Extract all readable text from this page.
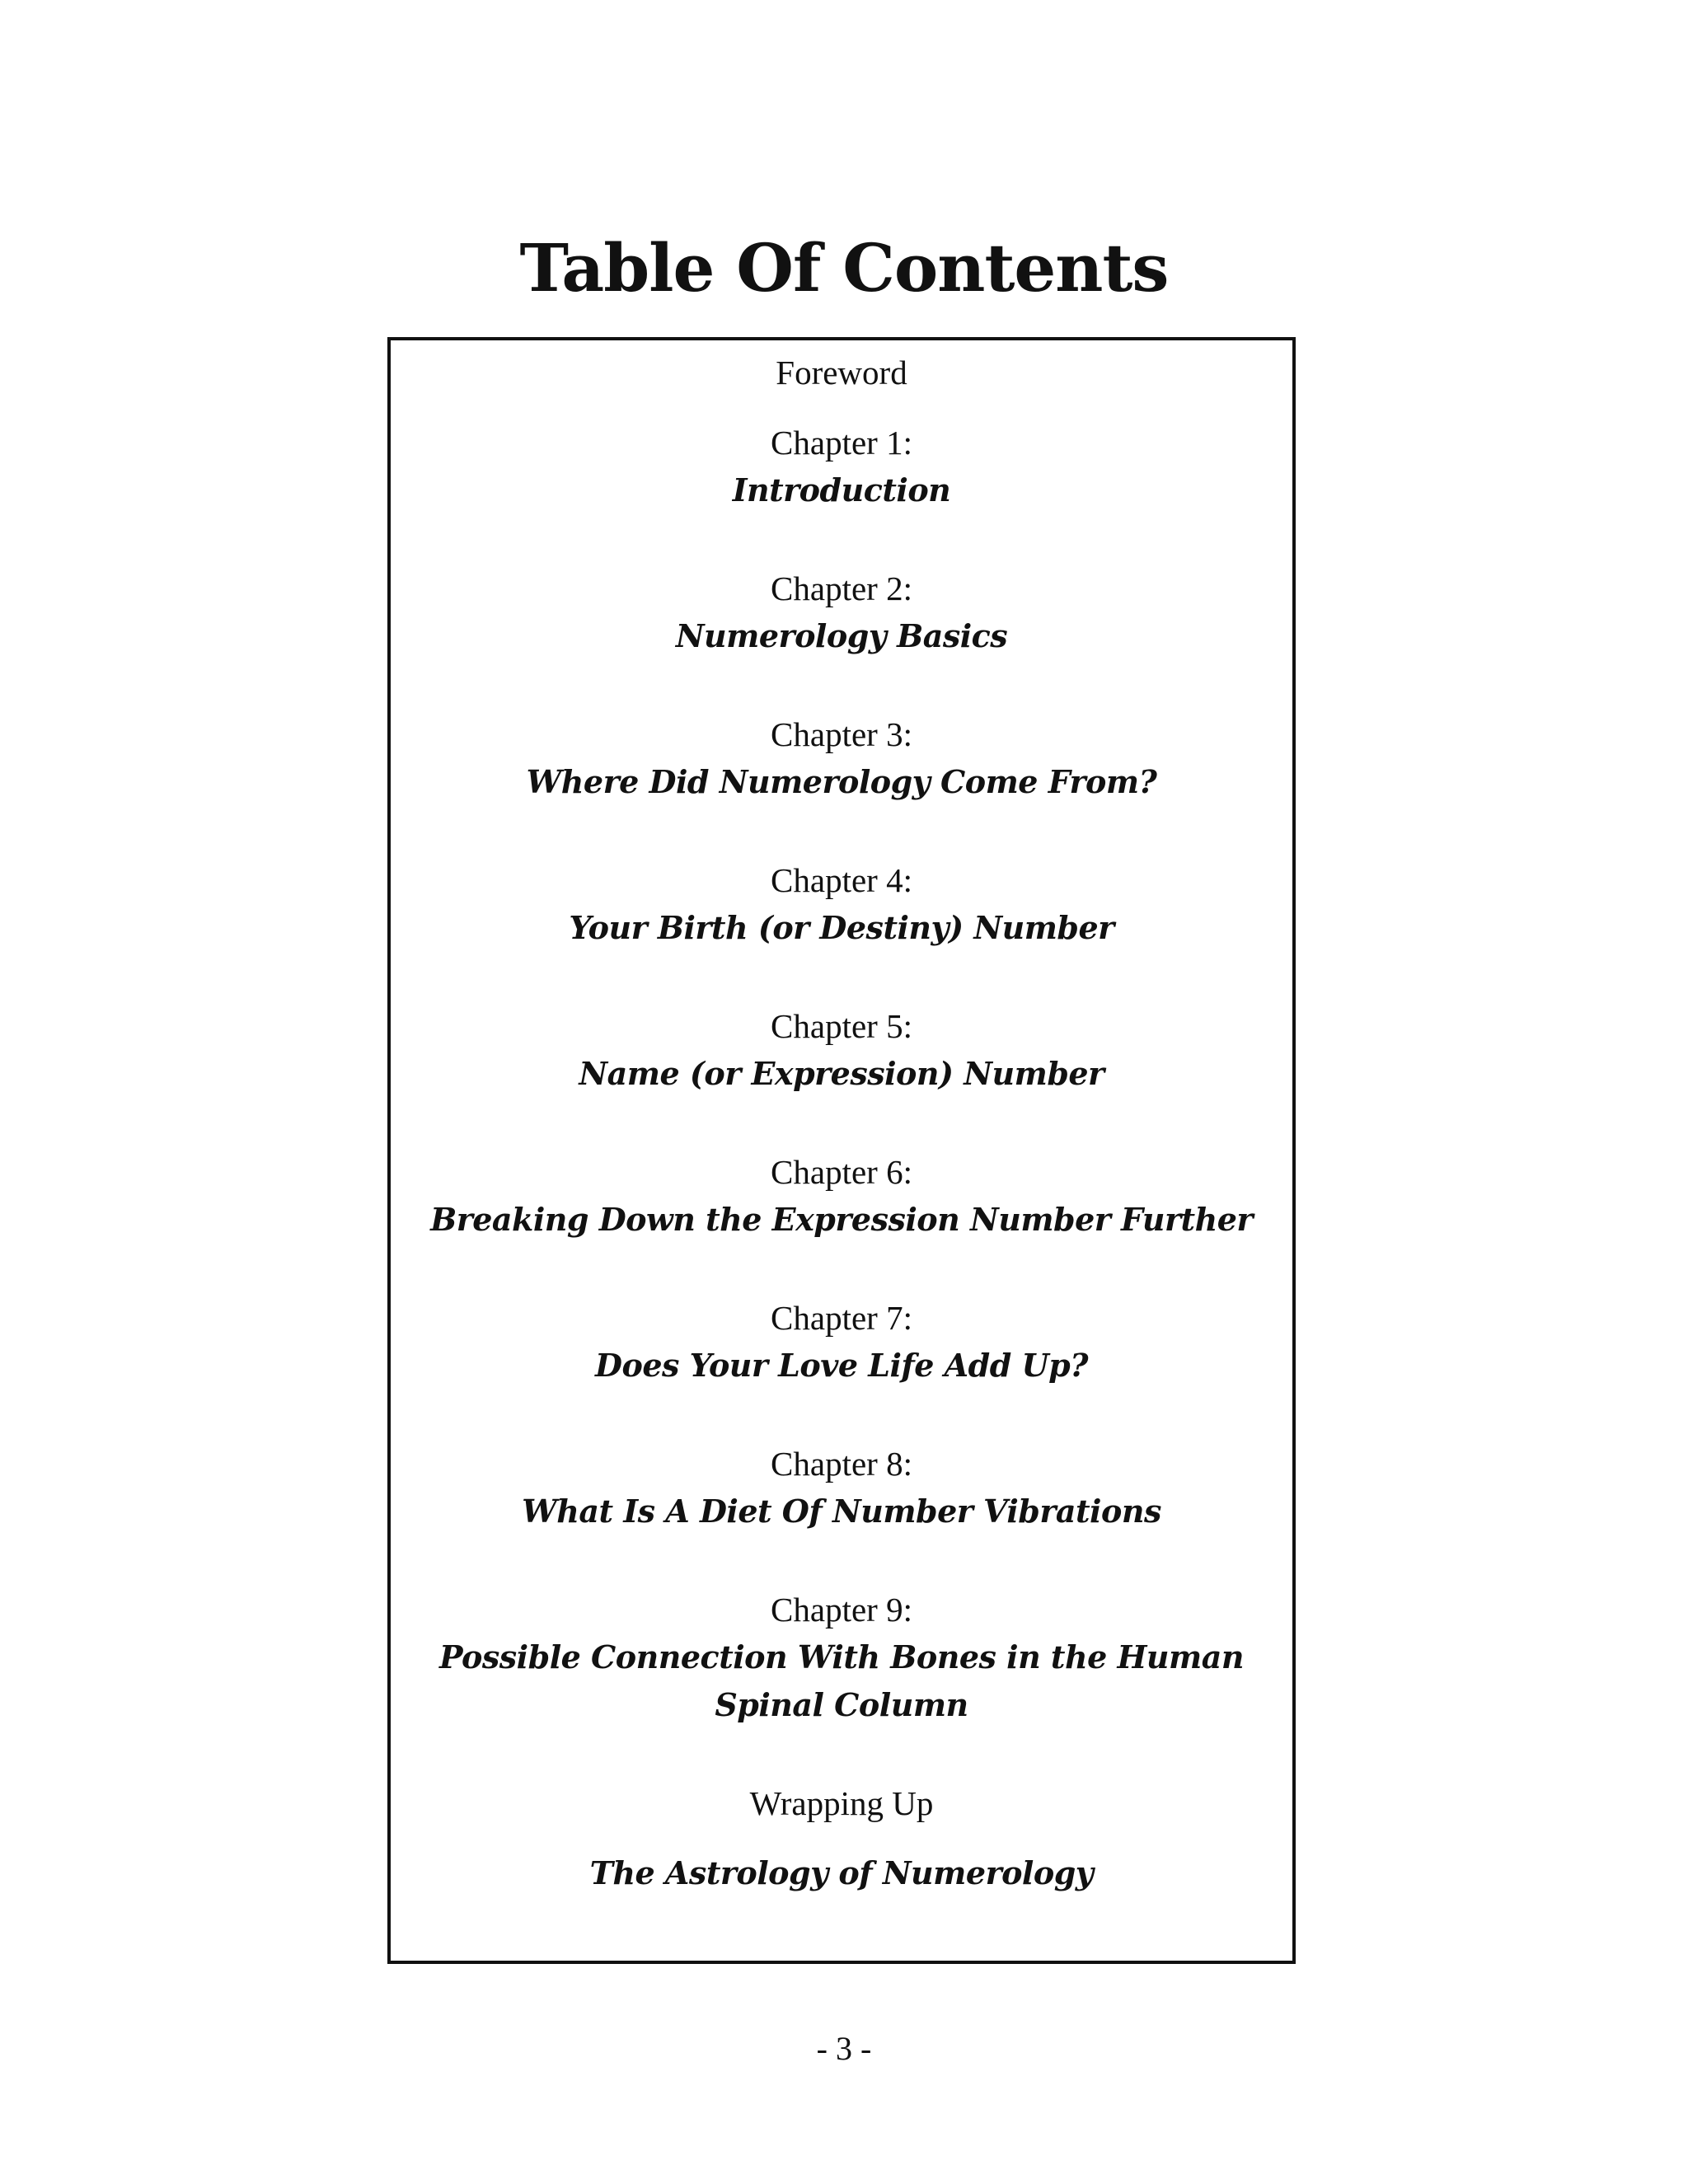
Table Of Contents
Foreword
Chapter 1:
Introduction
Chapter 2:
Numerology Basics
Chapter 3:
Where Did Numerology Come From?
Chapter 4:
Your Birth (or Destiny) Number
Chapter 5:
Name (or Expression) Number
Chapter 6:
Breaking Down the Expression Number Further
Chapter 7:
Does Your Love Life Add Up?
Chapter 8:
What Is A Diet Of Number Vibrations
Chapter 9:
Possible Connection With Bones in the Human
Spinal Column
Wrapping Up
The Astrology of Numerology
- 3 -
